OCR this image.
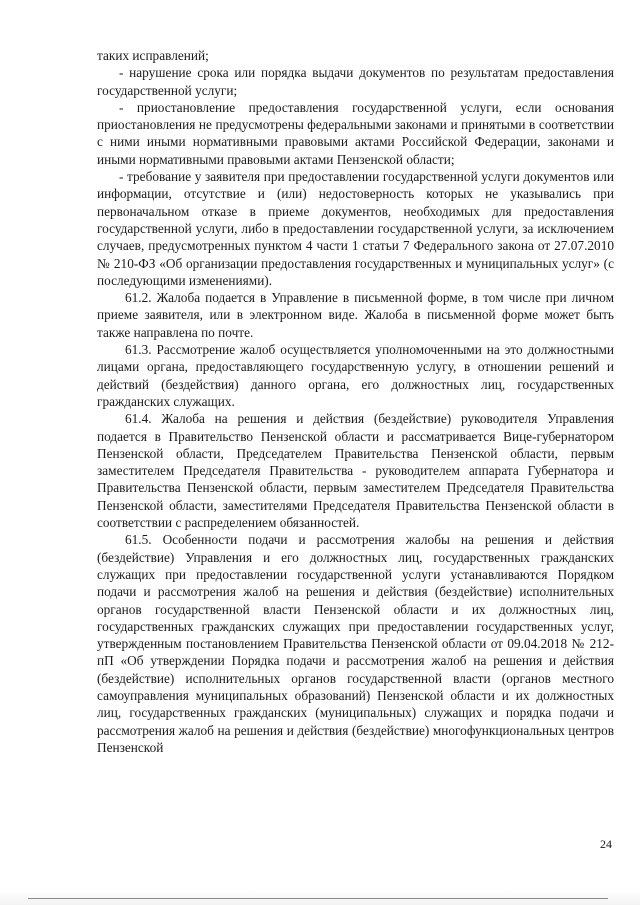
таких исправлений;

- нарушение срока или порядка выдачи документов по результатам предоставления государственной услуги;

- приостановление предоставления государственной услуги, если основания приостановления не предусмотрены федеральными законами и принятыми в соответствии с ними иными нормативными правовыми актами Российской Федерации, законами и иными нормативными правовыми актами Пензенской области;

- требование у заявителя при предоставлении государственной услуги документов или информации, отсутствие и (или) недостоверность которых не указывались при первоначальном отказе в приеме документов, необходимых для предоставления государственной услуги, либо в предоставлении государственной услуги, за исключением случаев, предусмотренных пунктом 4 части 1 статьи 7 Федерального закона от 27.07.2010 № 210-ФЗ «Об организации предоставления государственных и муниципальных услуг» (с последующими изменениями).

61.2. Жалоба подается в Управление в письменной форме, в том числе при личном приеме заявителя, или в электронном виде. Жалоба в письменной форме может быть также направлена по почте.

61.3. Рассмотрение жалоб осуществляется уполномоченными на это должностными лицами органа, предоставляющего государственную услугу, в отношении решений и действий (бездействия) данного органа, его должностных лиц, государственных гражданских служащих.

61.4. Жалоба на решения и действия (бездействие) руководителя Управления подается в Правительство Пензенской области и рассматривается Вице-губернатором Пензенской области, Председателем Правительства Пензенской области, первым заместителем Председателя Правительства - руководителем аппарата Губернатора и Правительства Пензенской области, первым заместителем Председателя Правительства Пензенской области, заместителями Председателя Правительства Пензенской области в соответствии с распределением обязанностей.

61.5. Особенности подачи и рассмотрения жалобы на решения и действия (бездействие) Управления и его должностных лиц, государственных гражданских служащих при предоставлении государственной услуги устанавливаются Порядком подачи и рассмотрения жалоб на решения и действия (бездействие) исполнительных органов государственной власти Пензенской области и их должностных лиц, государственных гражданских служащих при предоставлении государственных услуг, утвержденным постановлением Правительства Пензенской области от 09.04.2018 № 212-пП «Об утверждении Порядка подачи и рассмотрения жалоб на решения и действия (бездействие) исполнительных органов государственной власти (органов местного самоуправления муниципальных образований) Пензенской области и их должностных лиц, государственных гражданских (муниципальных) служащих и порядка подачи и рассмотрения жалоб на решения и действия (бездействие) многофункциональных центров Пензенской

24
